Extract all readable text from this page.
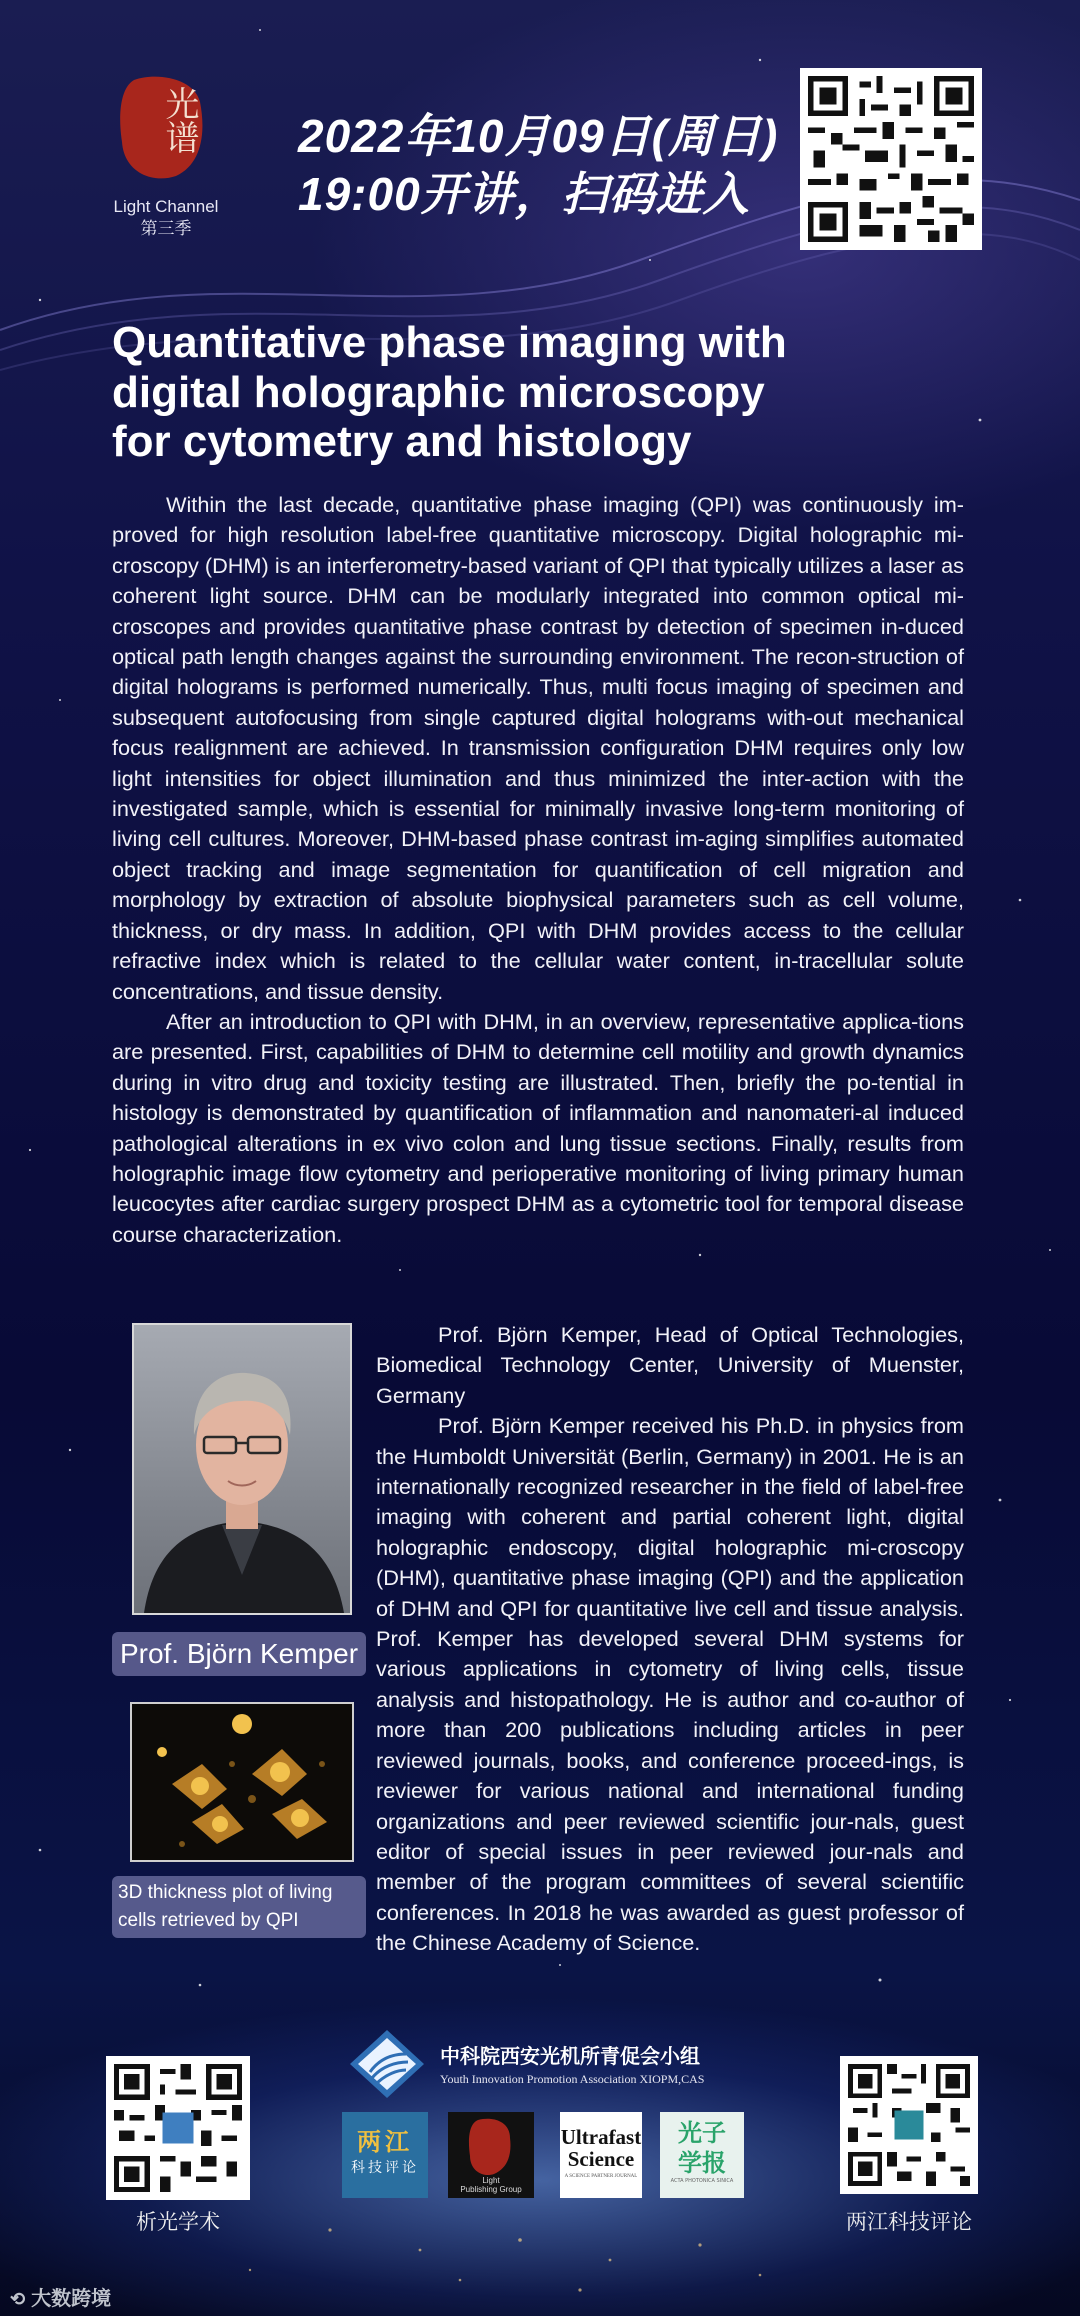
光谱
Light Channel
第三季
2022年10月09日(周日)
19:00开讲，扫码进入
Quantitative phase imaging with
digital holographic microscopy
for cytometry and histology

Within the last decade, quantitative phase imaging (QPI) was continuously im-proved for high resolution label-free quantitative microscopy. Digital holographic mi-croscopy (DHM) is an interferometry-based variant of QPI that typically utilizes a laser as coherent light source. DHM can be modularly integrated into common optical mi-croscopes and provides quantitative phase contrast by detection of specimen in-duced optical path length changes against the surrounding environment. The recon-struction of digital holograms is performed numerically. Thus, multi focus imaging of specimen and subsequent autofocusing from single captured digital holograms with-out mechanical focus realignment are achieved. In transmission configuration DHM requires only low light intensities for object illumination and thus minimized the inter-action with the investigated sample, which is essential for minimally invasive long-term monitoring of living cell cultures. Moreover, DHM-based phase contrast im-aging simplifies automated object tracking and image segmentation for quantification of cell migration and morphology by extraction of absolute biophysical parameters such as cell volume, thickness, or dry mass. In addition, QPI with DHM provides access to the cellular refractive index which is related to the cellular water content, in-tracellular solute concentrations, and tissue density.

After an introduction to QPI with DHM, in an overview, representative applica-tions are presented. First, capabilities of DHM to determine cell motility and growth dynamics during in vitro drug and toxicity testing are illustrated. Then, briefly the po-tential in histology is demonstrated by quantification of inflammation and nanomateri-al induced pathological alterations in ex vivo colon and lung tissue sections. Finally, results from holographic image flow cytometry and perioperative monitoring of living primary human leucocytes after cardiac surgery prospect DHM as a cytometric tool for temporal disease course characterization.

Prof. Björn Kemper
3D thickness plot of living cells retrieved by QPI

Prof. Björn Kemper, Head of Optical Technologies, Biomedical Technology Center, University of Muenster, Germany

Prof. Björn Kemper received his Ph.D. in physics from the Humboldt Universität (Berlin, Germany) in 2001. He is an internationally recognized researcher in the field of label-free imaging with coherent and partial coherent light, digital holographic endoscopy, digital holographic mi-croscopy (DHM), quantitative phase imaging (QPI) and the application of DHM and QPI for quantitative live cell and tissue analysis. Prof. Kemper has developed several DHM systems for various applications in cytometry of living cells, tissue analysis and histopathology. He is author and co-author of more than 200 publications including articles in peer reviewed journals, books, and conference proceed-ings, is reviewer for various national and international funding organizations and peer reviewed scientific jour-nals, guest editor of special issues in peer reviewed jour-nals and member of the program committees of several scientific conferences. In 2018 he was awarded as guest professor of the Chinese Academy of Science.

析光学术	两江科技评论
中科院西安光机所青促会小组
Youth Innovation Promotion Association XIOPM,CAS
两江
科技评论
Light
Publishing Group
Ultrafast
Science
A SCIENCE PARTNER JOURNAL
光子
学报
ACTA PHOTONICA SINICA
⟲ 大数跨境
